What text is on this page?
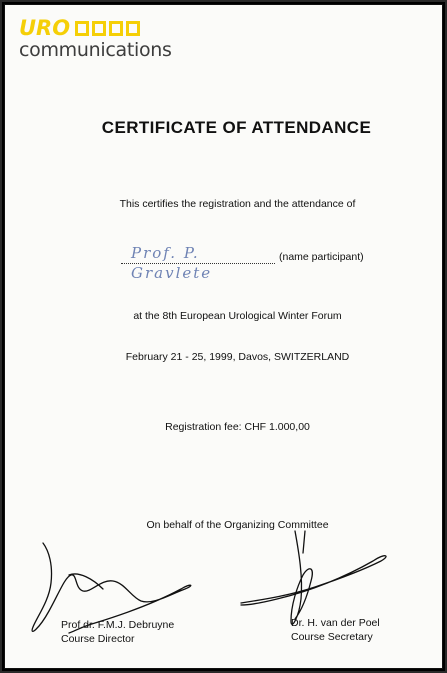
URO
communications
CERTIFICATE OF ATTENDANCE
This certifies the registration and the attendance of
Prof. P. Gravlete
(name participant)
at the 8th European Urological Winter Forum
February 21 - 25, 1999, Davos, SWITZERLAND
Registration fee: CHF 1.000,00
On behalf of the Organizing Committee
Prof.dr. F.M.J. Debruyne
Course Director
Dr. H. van der Poel
Course Secretary
